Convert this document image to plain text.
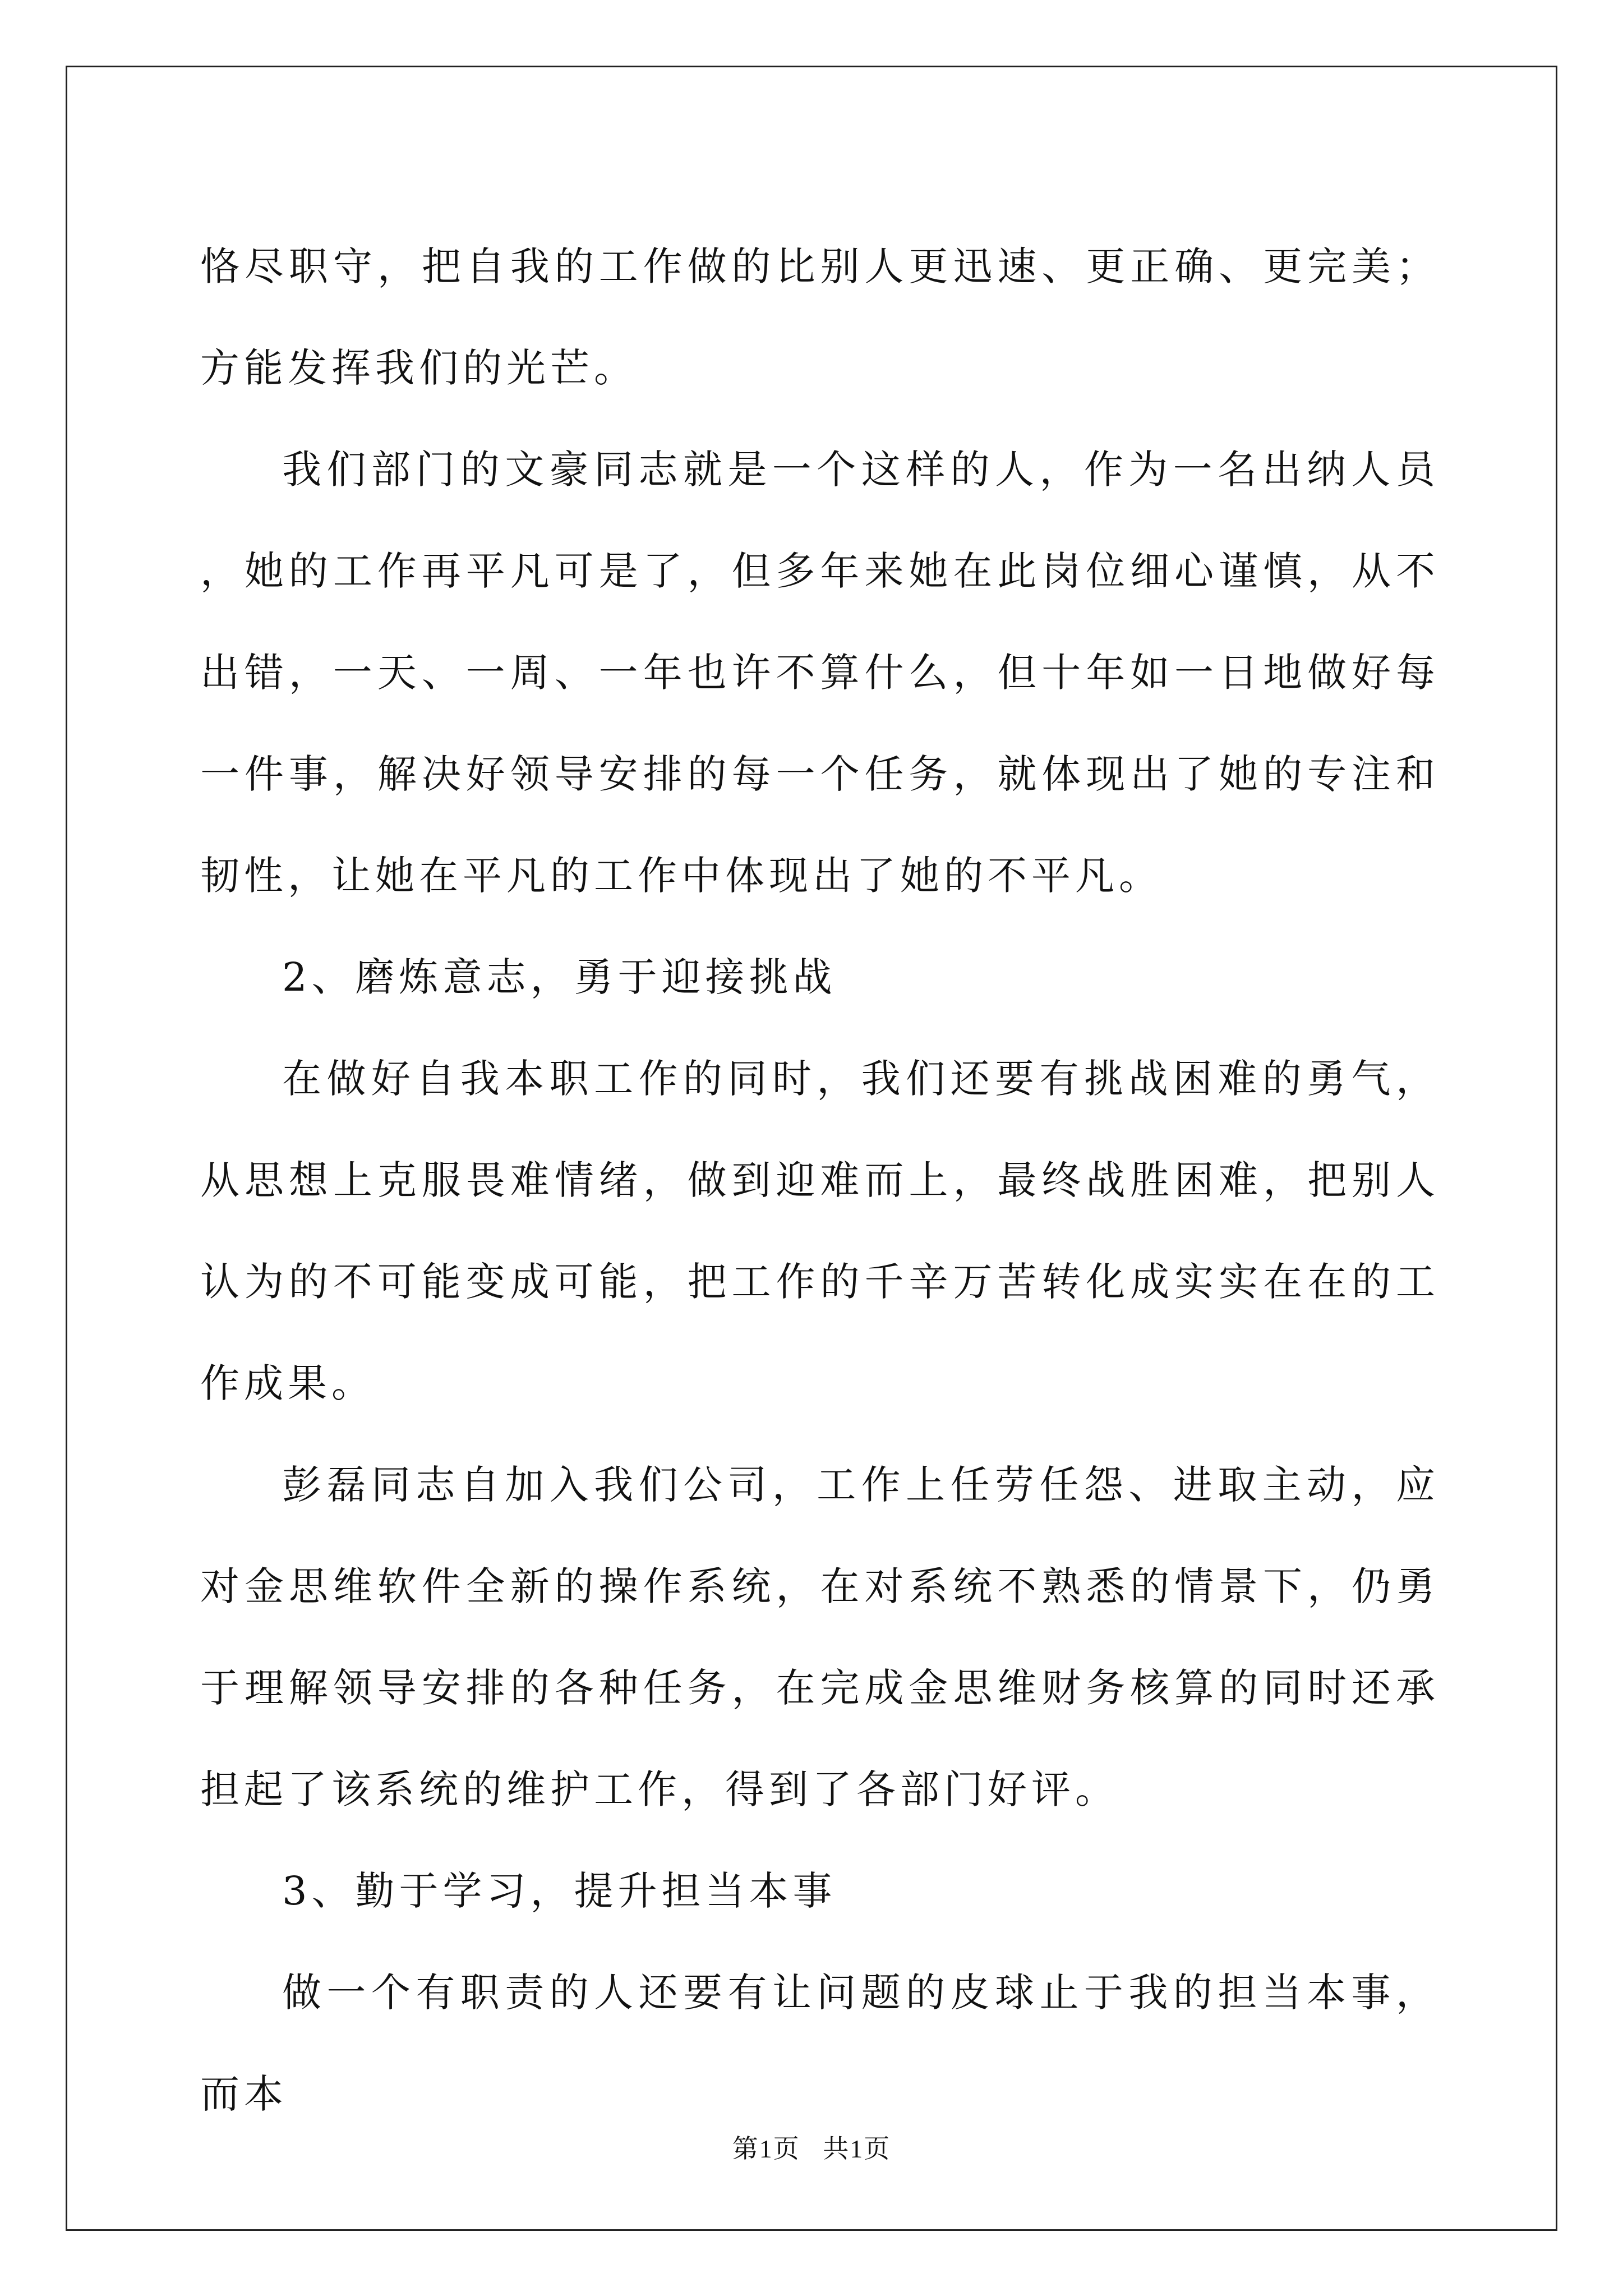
恪尽职守，把自我的工作做的比别人更迅速、更正确、更完美；方能发挥我们的光芒。

我们部门的文豪同志就是一个这样的人，作为一名出纳人员，她的工作再平凡可是了，但多年来她在此岗位细心谨慎，从不出错，一天、一周、一年也许不算什么，但十年如一日地做好每一件事，解决好领导安排的每一个任务，就体现出了她的专注和韧性，让她在平凡的工作中体现出了她的不平凡。

2、磨炼意志，勇于迎接挑战

在做好自我本职工作的同时，我们还要有挑战困难的勇气，从思想上克服畏难情绪，做到迎难而上，最终战胜困难，把别人认为的不可能变成可能，把工作的千辛万苦转化成实实在在的工作成果。

彭磊同志自加入我们公司，工作上任劳任怨、进取主动，应对金思维软件全新的操作系统，在对系统不熟悉的情景下，仍勇于理解领导安排的各种任务，在完成金思维财务核算的同时还承担起了该系统的维护工作，得到了各部门好评。

3、勤于学习，提升担当本事

做一个有职责的人还要有让问题的皮球止于我的担当本事，而本

第1页 共1页
